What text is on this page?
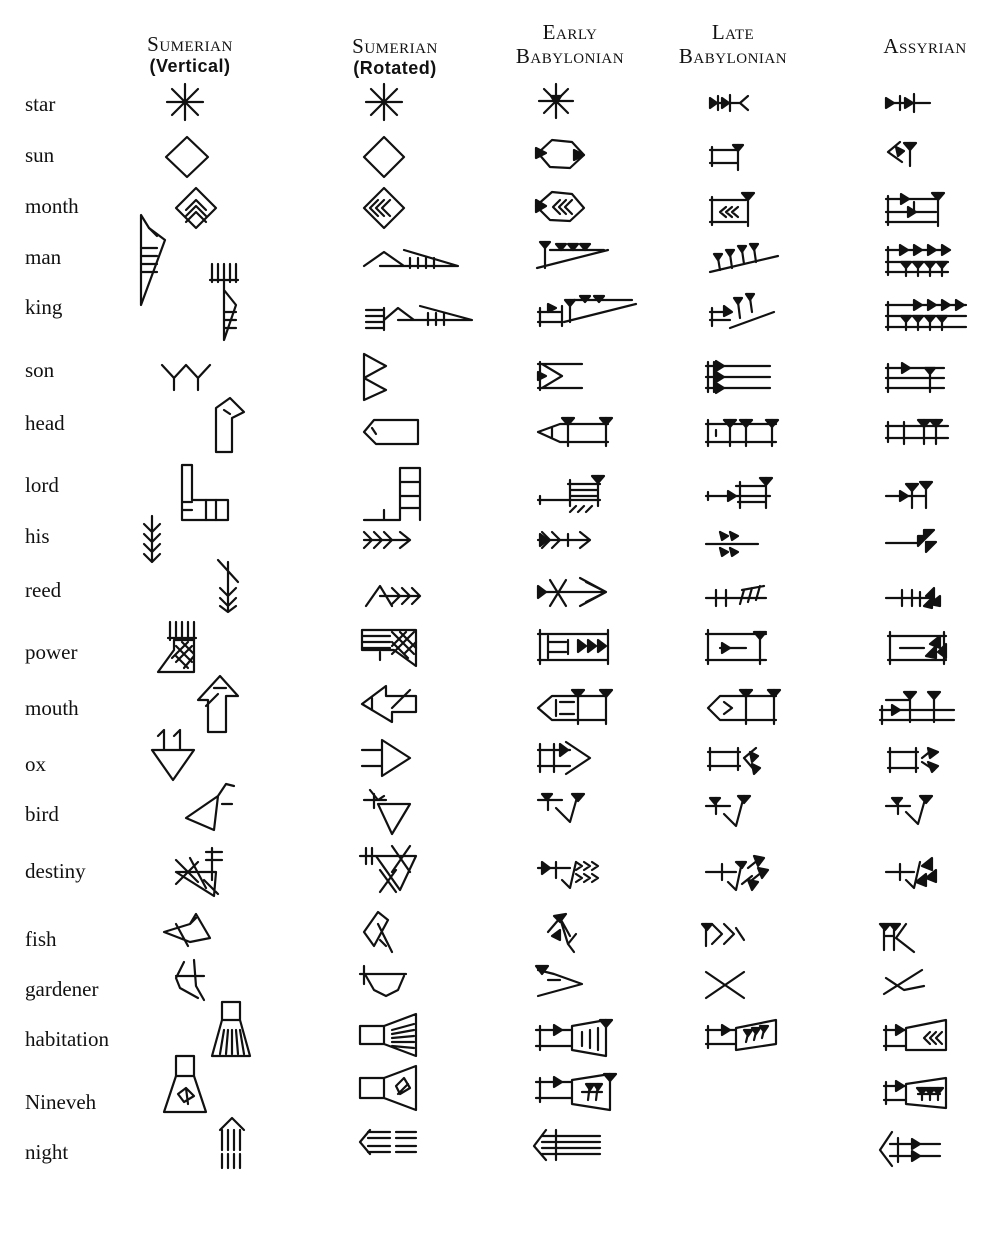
Sumerian
(Vertical)
Sumerian
(Rotated)
Early
Babylonian
Late
Babylonian	Assyrian
star
sun
month
man
king
son
head
lord
his
reed
power
mouth
ox
bird
destiny
fish
gardener
habitation
Nineveh
night
